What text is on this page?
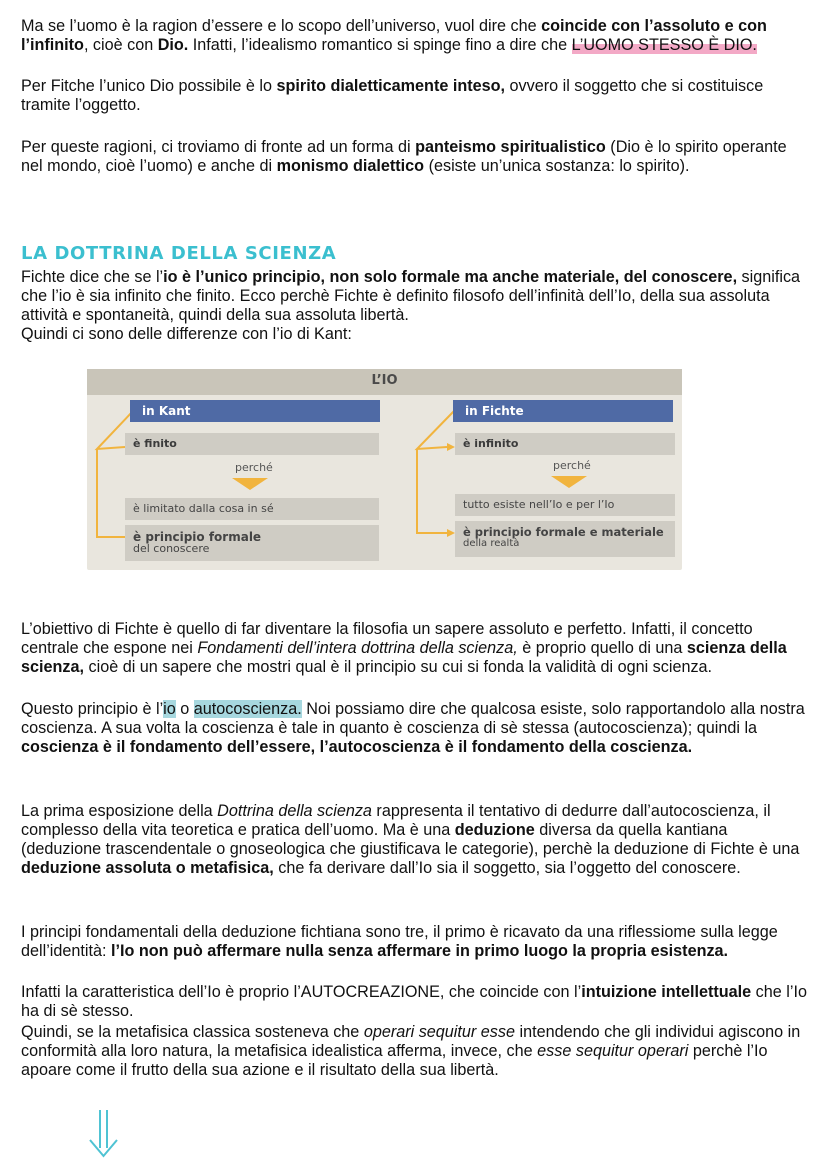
Ma se l’uomo è la ragion d’essere e lo scopo dell’universo, vuol dire che coincide con l’assoluto e con l’infinito, cioè con Dio. Infatti, l’idealismo romantico si spinge fino a dire che L’UOMO STESSO È DIO.

Per Fitche l’unico Dio possibile è lo spirito dialetticamente inteso, ovvero il soggetto che si costituisce tramite l’oggetto.

Per queste ragioni, ci troviamo di fronte ad un forma di panteismo spiritualistico (Dio è lo spirito operante nel mondo, cioè l’uomo) e anche di monismo dialettico (esiste un’unica sostanza: lo spirito).

LA DOTTRINA DELLA SCIENZA

Fichte dice che se l’io è l’unico principio, non solo formale ma anche materiale, del conoscere, significa che l’io è sia infinito che finito. Ecco perchè Fichte è definito filosofo dell’infinità dell’Io, della sua assoluta attività e spontaneità, quindi della sua assoluta libertà.
Quindi ci sono delle differenze con l’io di Kant:

L’IO
in Kant
è finito
perché
è limitato dalla cosa in sé
è principio formale
del conoscere
in Fichte
è infinito
perché
tutto esiste nell’Io e per l’Io
è principio formale e materiale
della realtà

L’obiettivo di Fichte è quello di far diventare la filosofia un sapere assoluto e perfetto. Infatti, il concetto centrale che espone nei Fondamenti dell’intera dottrina della scienza, è proprio quello di una scienza della scienza, cioè di un sapere che mostri qual è il principio su cui si fonda la validità di ogni scienza.

Questo principio è l’io o autocoscienza. Noi possiamo dire che qualcosa esiste, solo rapportandolo alla nostra coscienza. A sua volta la coscienza è tale in quanto è coscienza di sè stessa (autocoscienza); quindi la coscienza è il fondamento dell’essere, l’autocoscienza è il fondamento della coscienza.

La prima esposizione della Dottrina della scienza rappresenta il tentativo di dedurre dall’autocoscienza, il complesso della vita teoretica e pratica dell’uomo. Ma è una deduzione diversa da quella kantiana (deduzione trascendentale o gnoseologica che giustificava le categorie), perchè la deduzione di Fichte è una deduzione assoluta o metafisica, che fa derivare dall’Io sia il soggetto, sia l’oggetto del conoscere.

I principi fondamentali della deduzione fichtiana sono tre, il primo è ricavato da una riflessiome sulla legge dell’identità: l’Io non può affermare nulla senza affermare in primo luogo la propria esistenza.

Infatti la caratteristica dell’Io è proprio l’AUTOCREAZIONE, che coincide con l’intuizione intellettuale che l’Io ha di sè stesso.

Quindi, se la metafisica classica sosteneva che operari sequitur esse intendendo che gli individui agiscono in conformità alla loro natura, la metafisica idealistica afferma, invece, che esse sequitur operari perchè l’Io apoare come il frutto della sua azione e il risultato della sua libertà.
